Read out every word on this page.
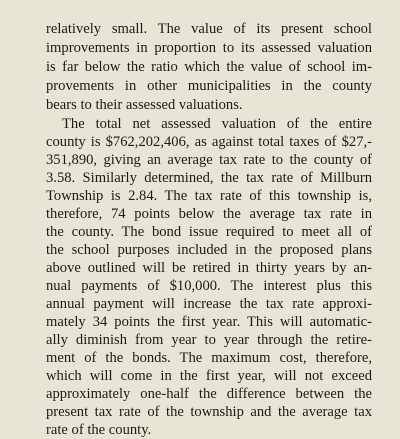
relatively small. The value of its present school
improvements in proportion to its assessed valuation
is far below the ratio which the value of school im-
provements in other municipalities in the county
bears to their assessed valuations.
The total net assessed valuation of the entire
county is $762,202,406, as against total taxes of $27,-
351,890, giving an average tax rate to the county of
3.58. Similarly determined, the tax rate of Millburn
Township is 2.84. The tax rate of this township is,
therefore, 74 points below the average tax rate in
the county. The bond issue required to meet all of
the school purposes included in the proposed plans
above outlined will be retired in thirty years by an-
nual payments of $10,000. The interest plus this
annual payment will increase the tax rate approxi-
mately 34 points the first year. This will automatic-
ally diminish from year to year through the retire-
ment of the bonds. The maximum cost, therefore,
which will come in the first year, will not exceed
approximately one-half the difference between the
present tax rate of the township and the average tax
rate of the county.
